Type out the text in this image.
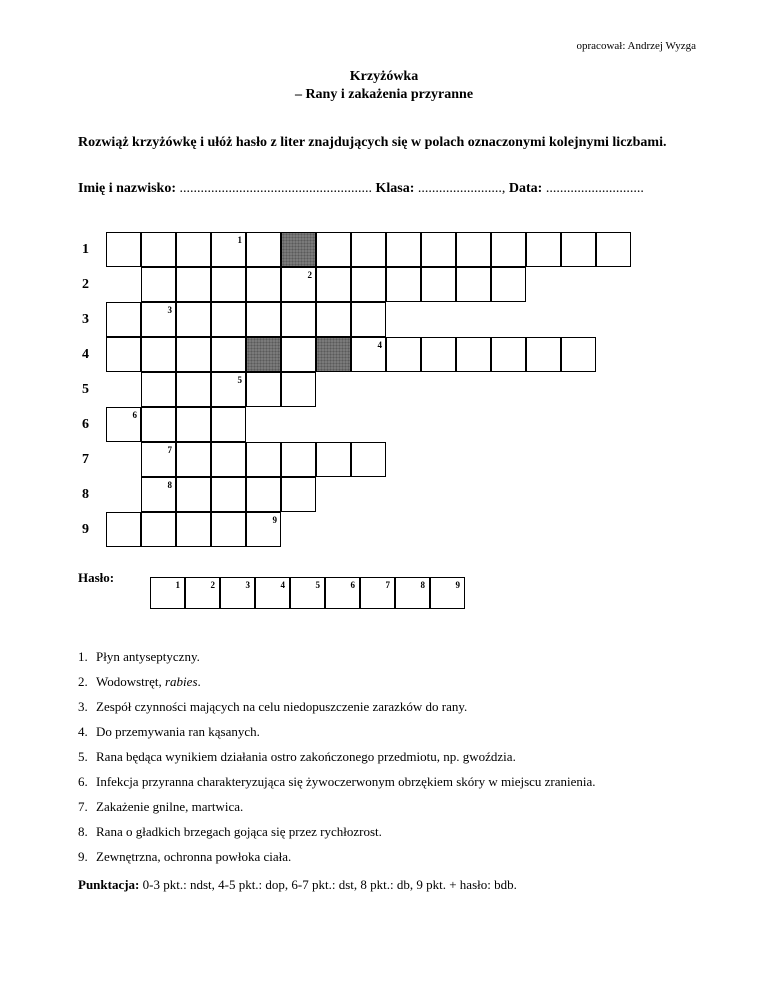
opracował: Andrzej Wyzga
Krzyżówka
– Rany i zakażenia przyranne
Rozwiąż krzyżówkę i ułóż hasło z liter znajdujących się w polach oznaczonymi kolejnymi liczbami.
Imię i nazwisko: ....................................................... Klasa: ........................, Data: ............................
1
1
2
2
3
3
4
4
5
5
6
6
7
7
8
8
9
9
Hasło:	1	2	3	4	5	6	7	8	9
1. Płyn antyseptyczny.
2. Wodowstręt, rabies.
3. Zespół czynności mających na celu niedopuszczenie zarazków do rany.
4. Do przemywania ran kąsanych.
5. Rana będąca wynikiem działania ostro zakończonego przedmiotu, np. gwoździa.
6. Infekcja przyranna charakteryzująca się żywoczerwonym obrzękiem skóry w miejscu zranienia.
7. Zakażenie gnilne, martwica.
8. Rana o gładkich brzegach gojąca się przez rychłozrost.
9. Zewnętrzna, ochronna powłoka ciała.
Punktacja: 0-3 pkt.: ndst, 4-5 pkt.: dop, 6-7 pkt.: dst, 8 pkt.: db, 9 pkt. + hasło: bdb.
